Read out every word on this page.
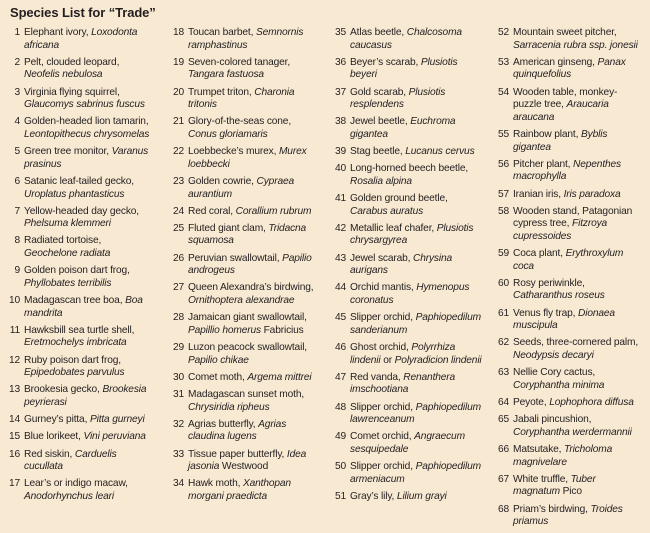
Species List for “Trade”
1 Elephant ivory, Loxodonta africana
2 Pelt, clouded leopard, Neofelis nebulosa
3 Virginia flying squirrel, Glaucomys sabrinus fuscus
4 Golden-headed lion tamarin, Leontopithecus chrysomelas
5 Green tree monitor, Varanus prasinus
6 Satanic leaf-tailed gecko, Uroplatus phantasticus
7 Yellow-headed day gecko, Phelsuma klemmeri
8 Radiated tortoise, Geochelone radiata
9 Golden poison dart frog, Phyllobates terribilis
10 Madagascan tree boa, Boa mandrita
11 Hawksbill sea turtle shell, Eretmochelys imbricata
12 Ruby poison dart frog, Epipedobates parvulus
13 Brookesia gecko, Brookesia peyrierasi
14 Gurney’s pitta, Pitta gurneyi
15 Blue lorikeet, Vini peruviana
16 Red siskin, Carduelis cucullata
17 Lear’s or indigo macaw, Anodorhynchus leari
18 Toucan barbet, Semnornis ramphastinus
19 Seven-colored tanager, Tangara fastuosa
20 Trumpet triton, Charonia tritonis
21 Glory-of-the-seas cone, Conus gloriamaris
22 Loebbecke’s murex, Murex loebbecki
23 Golden cowrie, Cypraea aurantium
24 Red coral, Corallium rubrum
25 Fluted giant clam, Tridacna squamosa
26 Peruvian swallowtail, Papilio androgeus
27 Queen Alexandra’s birdwing, Ornithoptera alexandrae
28 Jamaican giant swallowtail, Papillio homerus Fabricius
29 Luzon peacock swallowtail, Papilio chikae
30 Comet moth, Argema mittrei
31 Madagascan sunset moth, Chrysiridia ripheus
32 Agrias butterfly, Agrias claudina lugens
33 Tissue paper butterfly, Idea jasonia Westwood
34 Hawk moth, Xanthopan morgani praedicta
35 Atlas beetle, Chalcosoma caucasus
36 Beyer’s scarab, Plusiotis beyeri
37 Gold scarab, Plusiotis resplendens
38 Jewel beetle, Euchroma gigantea
39 Stag beetle, Lucanus cervus
40 Long-horned beech beetle, Rosalia alpina
41 Golden ground beetle, Carabus auratus
42 Metallic leaf chafer, Plusiotis chrysargyrea
43 Jewel scarab, Chrysina aurigans
44 Orchid mantis, Hymenopus coronatus
45 Slipper orchid, Paphiopedilum sanderianum
46 Ghost orchid, Polyrrhiza lindenii or Polyradicion lindenii
47 Red vanda, Renanthera imschootiana
48 Slipper orchid, Paphiopedilum lawrenceanum
49 Comet orchid, Angraecum sesquipedale
50 Slipper orchid, Paphiopedilum armeniacum
51 Gray’s lily, Lilium grayi
52 Mountain sweet pitcher, Sarracenia rubra ssp. jonesii
53 American ginseng, Panax quinquefolius
54 Wooden table, monkey-puzzle tree, Araucaria araucana
55 Rainbow plant, Byblis gigantea
56 Pitcher plant, Nepenthes macrophylla
57 Iranian iris, Iris paradoxa
58 Wooden stand, Patagonian cypress tree, Fitzroya cupressoides
59 Coca plant, Erythroxylum coca
60 Rosy periwinkle, Catharanthus roseus
61 Venus fly trap, Dionaea muscipula
62 Seeds, three-cornered palm, Neodypsis decaryi
63 Nellie Cory cactus, Coryphantha minima
64 Peyote, Lophophora diffusa
65 Jabali pincushion, Coryphantha werdermannii
66 Matsutake, Tricholoma magnivelare
67 White truffle, Tuber magnatum Pico
68 Priam’s birdwing, Troides priamus
